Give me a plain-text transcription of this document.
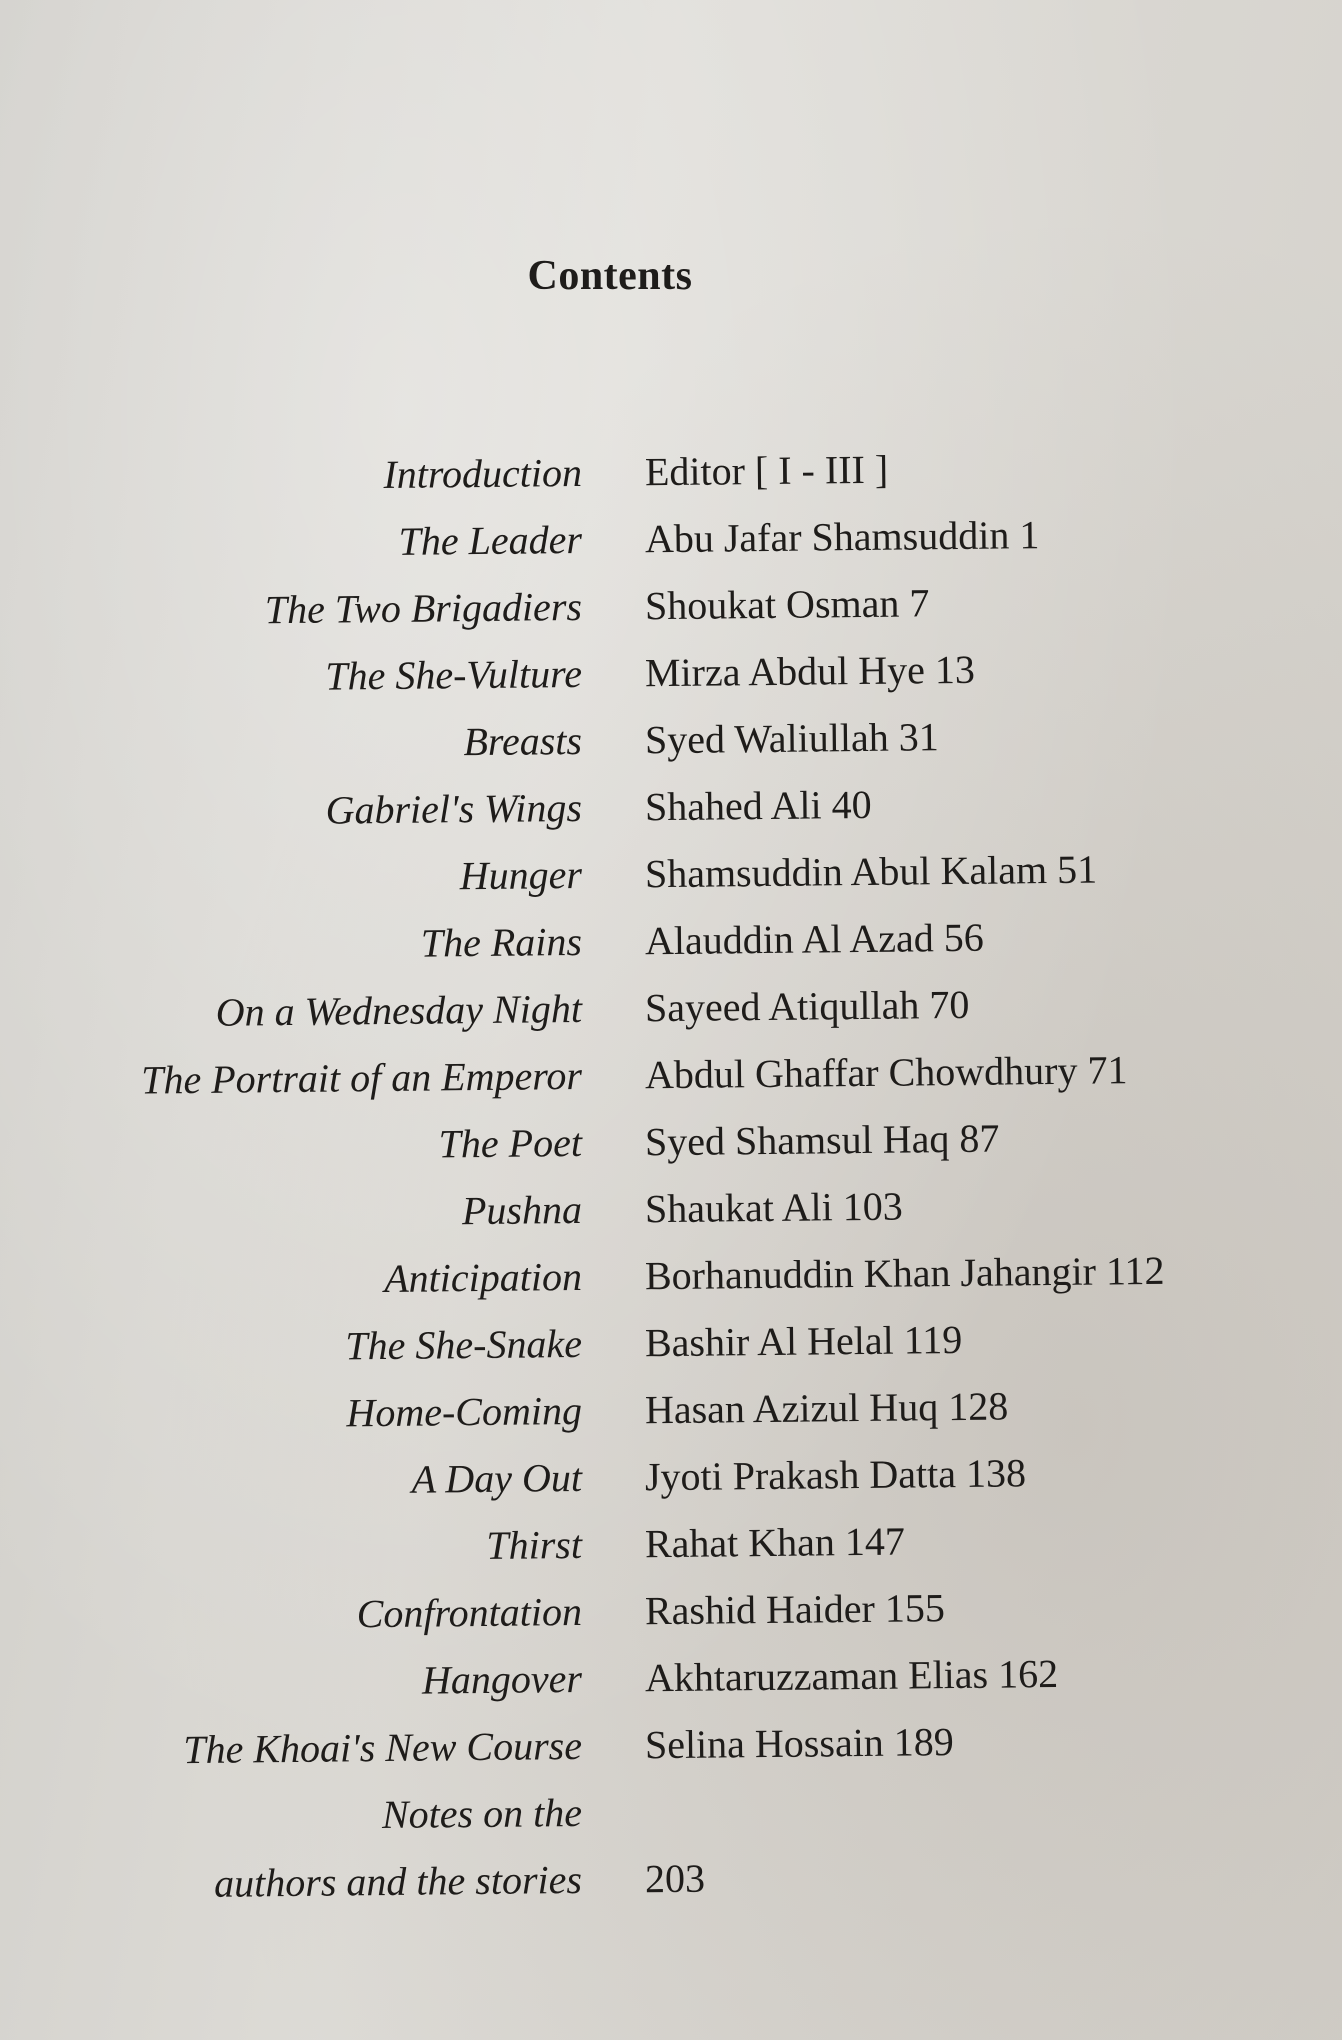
Contents
Introduction Editor [ I - III ]
The Leader Abu Jafar Shamsuddin 1
The Two Brigadiers Shoukat Osman 7
The She-Vulture Mirza Abdul Hye 13
Breasts Syed Waliullah 31
Gabriel's Wings Shahed Ali 40
Hunger Shamsuddin Abul Kalam 51
The Rains Alauddin Al Azad 56
On a Wednesday Night Sayeed Atiqullah 70
The Portrait of an Emperor Abdul Ghaffar Chowdhury 71
The Poet Syed Shamsul Haq 87
Pushna Shaukat Ali 103
Anticipation Borhanuddin Khan Jahangir 112
The She-Snake Bashir Al Helal 119
Home-Coming Hasan Azizul Huq 128
A Day Out Jyoti Prakash Datta 138
Thirst Rahat Khan 147
Confrontation Rashid Haider 155
Hangover Akhtaruzzaman Elias 162
The Khoai's New Course Selina Hossain 189
Notes on the
authors and the stories 203
